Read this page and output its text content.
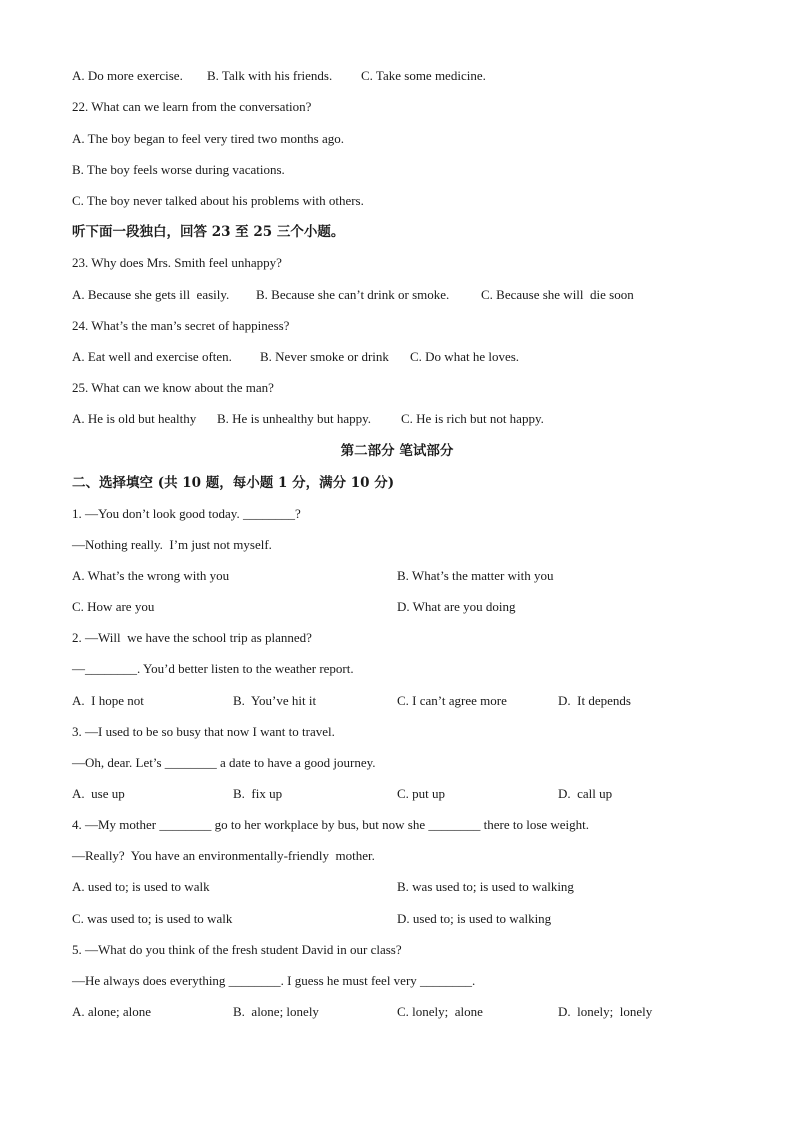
A. Do more exercise.

B. Talk with his friends.

C. Take some medicine.

22. What can we learn from the conversation?
A. The boy began to feel very tired two months ago.
B. The boy feels worse during vacations.
C. The boy never talked about his problems with others.
听下面一段独白，回答 23 至 25 三个小题。
23. Why does Mrs. Smith feel unhappy?

A. Because she gets ill  easily.

B. Because she can’t drink or smoke.

C. Because she will  die soon

24. What’s the man’s secret of happiness?

A. Eat well and exercise often.

B. Never smoke or drink

C. Do what he loves.

25. What can we know about the man?

A. He is old but healthy

B. He is unhealthy but happy.

C. He is rich but not happy.

第二部分 笔试部分
二、选择填空 (共 10 题，每小题 1 分，满分 10 分)
1. —You don’t look good today. ________?
—Nothing really.  I’m just not myself.

A. What’s the wrong with you

	B. What’s the matter with you

C. How are you

	D. What are you doing

2. —Will  we have the school trip as planned?
—________. You’d better listen to the weather report.

A.  I hope not

	B.  You’ve hit it

	C. I can’t agree more

	D.  It depends

3. —I used to be so busy that now I want to travel.
—Oh, dear. Let’s ________ a date to have a good journey.

A.  use up

	B.  fix up

	C. put up

	D.  call up

4. —My mother ________ go to her workplace by bus, but now she ________ there to lose weight.
—Really?  You have an environmentally-friendly  mother.

A. used to; is used to walk

	B. was used to; is used to walking

C. was used to; is used to walk

	D. used to; is used to walking

5. —What do you think of the fresh student David in our class?
—He always does everything ________. I guess he must feel very ________.

A. alone; alone

	B.  alone; lonely

	C. lonely;  alone

	D.  lonely;  lonely
